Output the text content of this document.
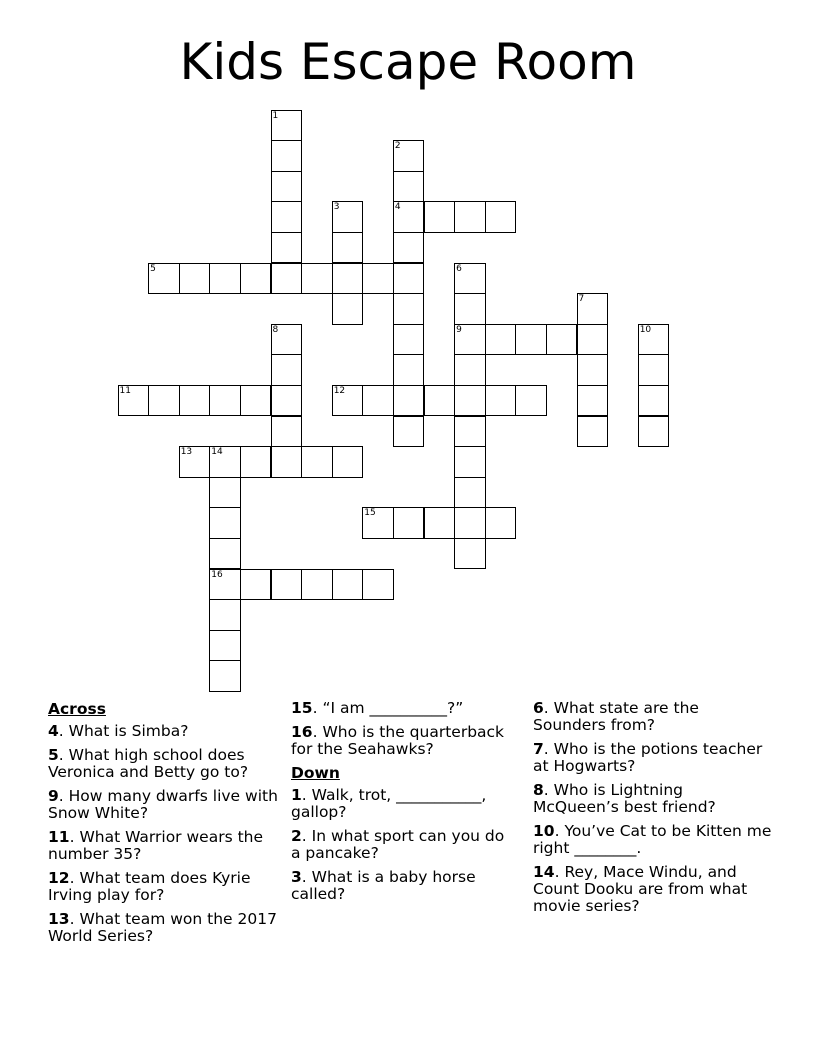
Kids Escape Room
1
2
4
3
5	6
9
7
8	10
11	12
13 14
16
15
Across
4. What is Simba?
5. What high school does Veronica and Betty go to?
9. How many dwarfs live with Snow White?
11. What Warrior wears the number 35?
12. What team does Kyrie Irving play for?
13. What team won the 2017 World Series?
15. “I am __________?”
16. Who is the quarterback for the Seahawks?
Down
1. Walk, trot, ___________, gallop?
2. In what sport can you do a pancake?
3. What is a baby horse called?
6. What state are the Sounders from?
7. Who is the potions teacher at Hogwarts?
8. Who is Lightning McQueen’s best friend?
10. You’ve Cat to be Kitten me right ________.
14. Rey, Mace Windu, and Count Dooku are from what movie series?
